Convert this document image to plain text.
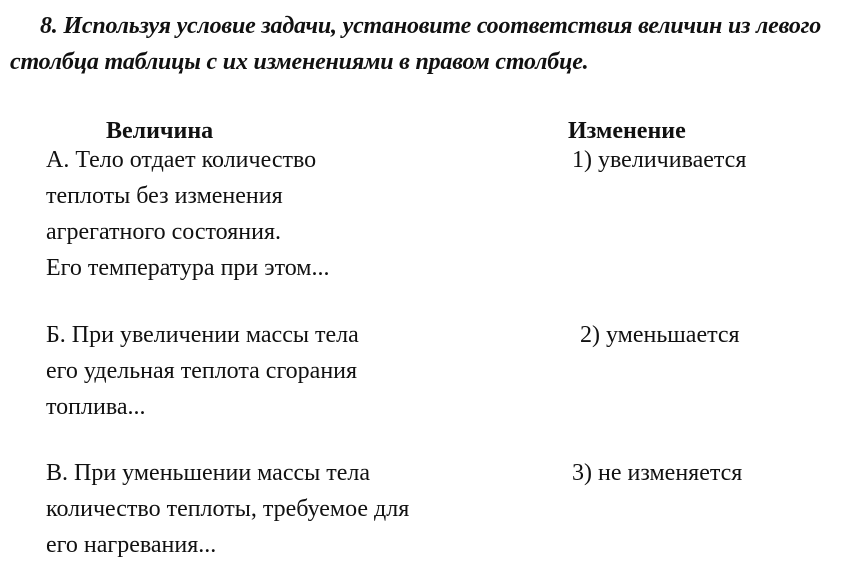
8. Используя условие задачи, установите соответствия величин из левого столбца таблицы с их изменениями в правом столбце.
Величина	Изменение
А. Тело отдает количество
теплоты без изменения
агрегатного состояния.
Его температура при этом...
Б. При увеличении массы тела
его удельная теплота сгорания
топлива...
В. При уменьшении массы тела
количество теплоты, требуемое для
его нагревания...
1) увеличивается
2) уменьшается
3) не изменяется
